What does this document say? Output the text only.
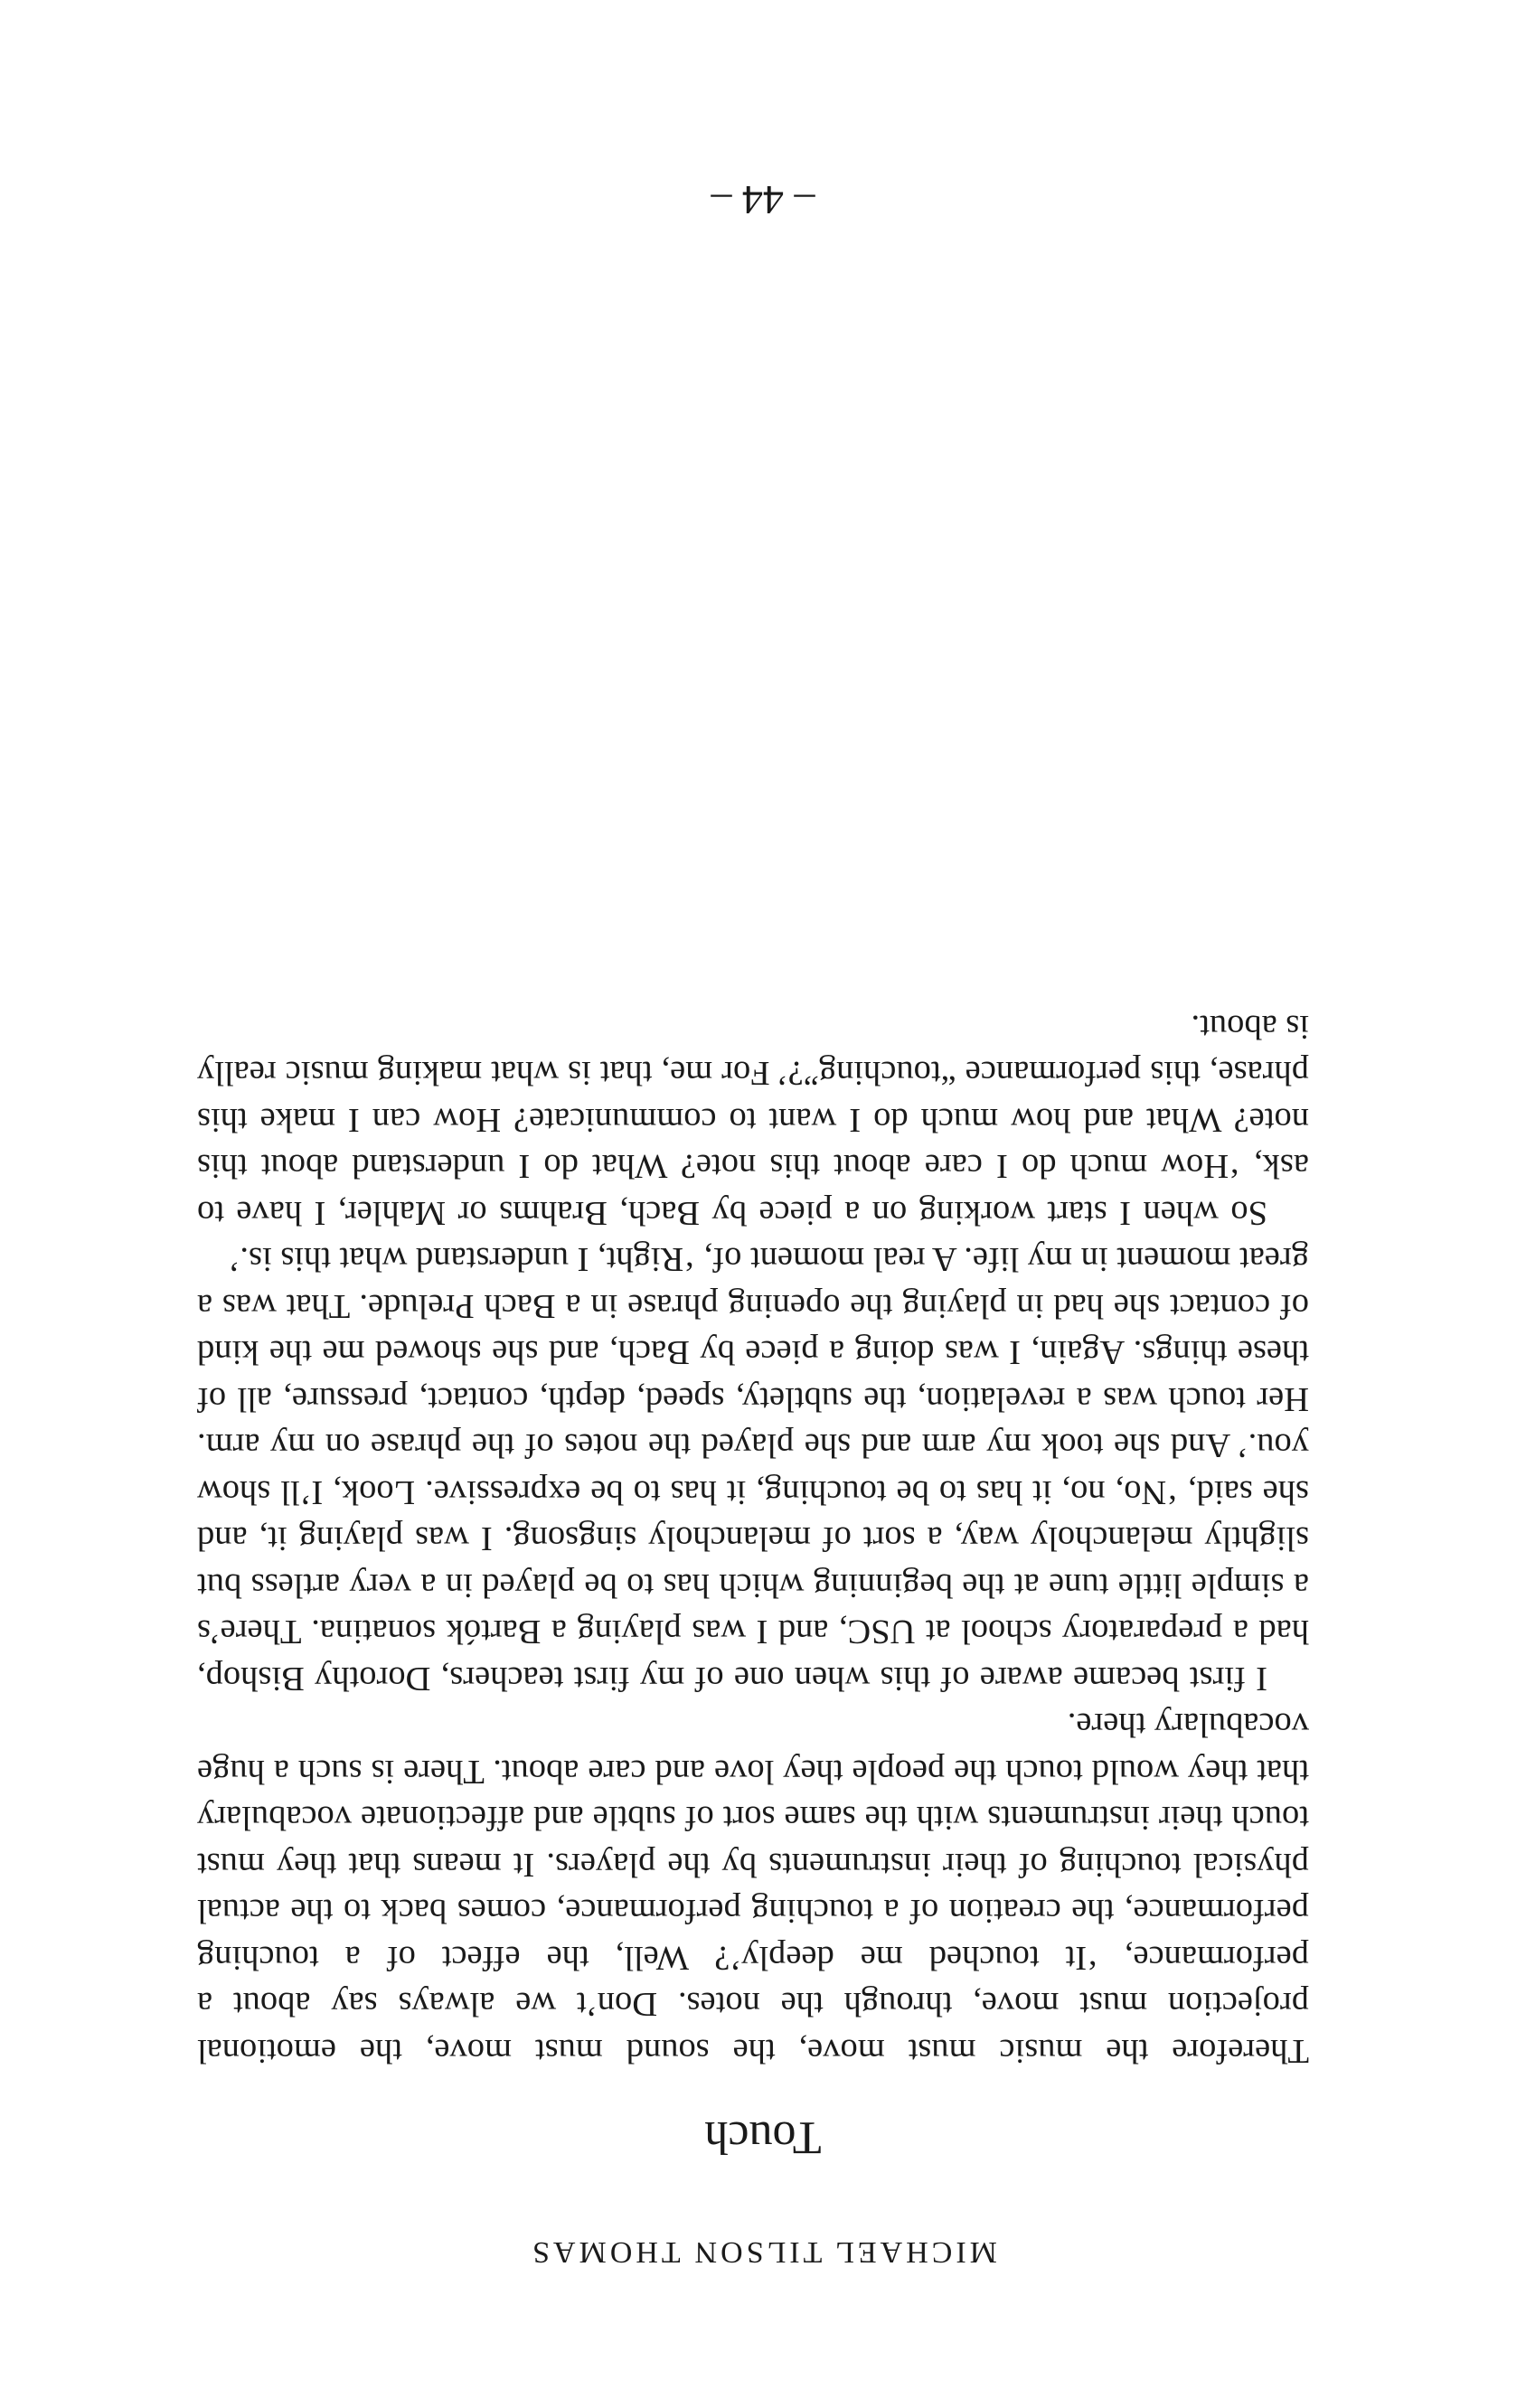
MICHAEL TILSON THOMAS
Touch

Therefore the music must move, the sound must move, the emotional projection must move, through the notes. Don’t we always say about a performance, ‘It touched me deeply’? Well, the effect of a touching performance, the creation of a touching performance, comes back to the actual physical touching of their instruments by the players. It means that they must touch their instruments with the same sort of subtle and affectionate vocabulary that they would touch the people they love and care about. There is such a huge vocabulary there.

I first became aware of this when one of my first teachers, Dorothy Bishop, had a preparatory school at USC, and I was playing a Bartók sonatina. There’s a simple little tune at the beginning which has to be played in a very artless but slightly melancholy way, a sort of melancholy singsong. I was playing it, and she said, ‘No, no, it has to be touching, it has to be expressive. Look, I’ll show you.’ And she took my arm and she played the notes of the phrase on my arm. Her touch was a revelation, the subtlety, speed, depth, contact, pressure, all of these things. Again, I was doing a piece by Bach, and she showed me the kind of contact she had in playing the opening phrase in a Bach Prelude. That was a great moment in my life. A real moment of, ‘Right, I understand what this is.’

So when I start working on a piece by Bach, Brahms or Mahler, I have to ask, ‘How much do I care about this note? What do I understand about this note? What and how much do I want to communicate? How can I make this phrase, this performance “touching”?’ For me, that is what making music really is about.

– 44 –
